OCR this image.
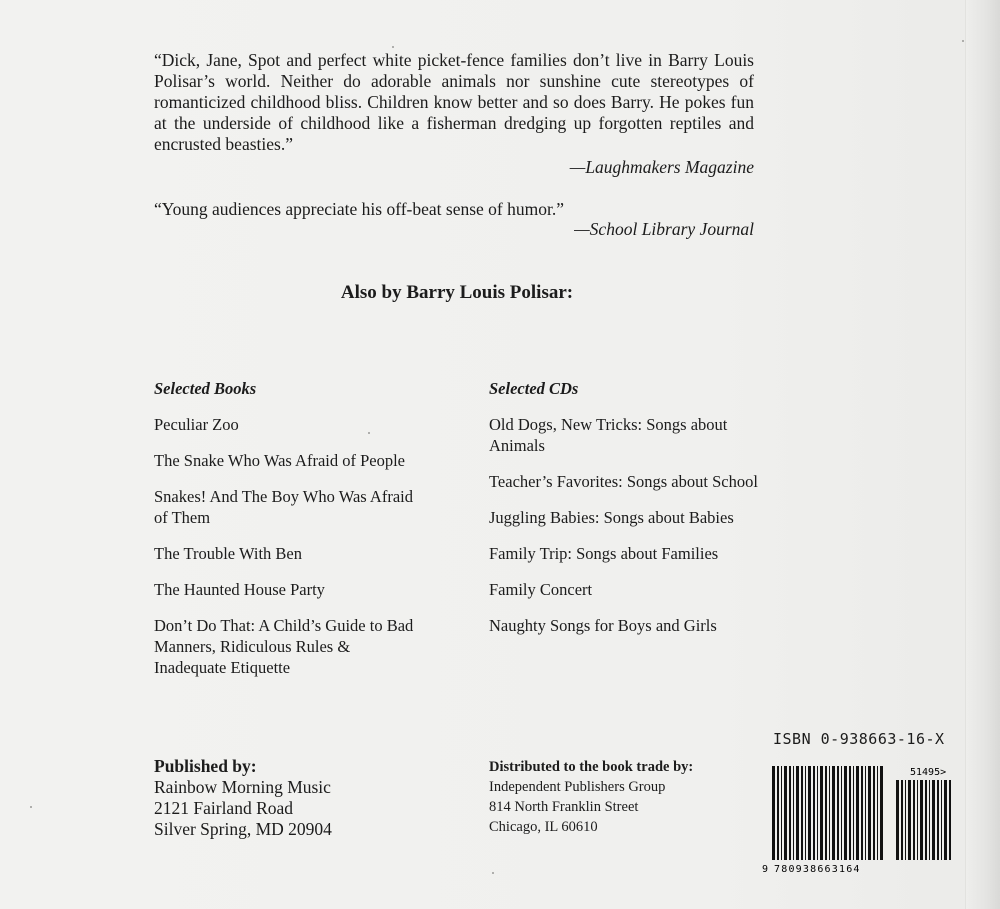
“Dick, Jane, Spot and perfect white picket-fence families don’t live in Barry Louis Polisar’s world. Neither do adorable animals nor sunshine cute stereotypes of romanticized childhood bliss. Children know better and so does Barry. He pokes fun at the underside of childhood like a fisherman dredging up forgotten reptiles and encrusted beasties.”

—Laughmakers Magazine

“Young audiences appreciate his off-beat sense of humor.”

—School Library Journal
Also by Barry Louis Polisar:
Selected Books
Peculiar Zoo
The Snake Who Was Afraid of People
Snakes! And The Boy Who Was Afraid of Them
The Trouble With Ben
The Haunted House Party
Don’t Do That: A Child’s Guide to Bad Manners, Ridiculous Rules & Inadequate Etiquette
Selected CDs
Old Dogs, New Tricks: Songs about Animals
Teacher’s Favorites: Songs about School
Juggling Babies: Songs about Babies
Family Trip: Songs about Families
Family Concert
Naughty Songs for Boys and Girls
Published by:
Rainbow Morning Music
2121 Fairland Road
Silver Spring, MD 20904
Distributed to the book trade by:
Independent Publishers Group
814 North Franklin Street
Chicago, IL 60610
ISBN 0-938663-16-X
9 780938663164
51495>
